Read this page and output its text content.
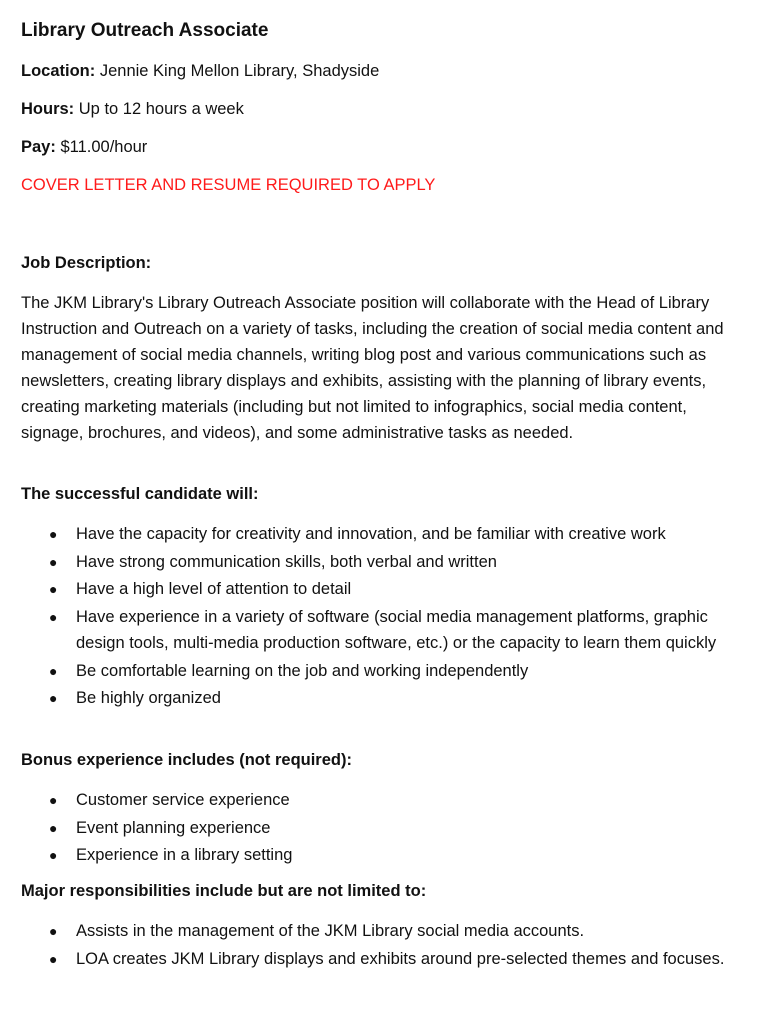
Library Outreach Associate
Location: Jennie King Mellon Library, Shadyside
Hours: Up to 12 hours a week
Pay: $11.00/hour
COVER LETTER AND RESUME REQUIRED TO APPLY
Job Description:
The JKM Library's Library Outreach Associate position will collaborate with the Head of Library Instruction and Outreach on a variety of tasks, including the creation of social media content and management of social media channels, writing blog post and various communications such as newsletters, creating library displays and exhibits, assisting with the planning of library events, creating marketing materials (including but not limited to infographics, social media content, signage, brochures, and videos), and some administrative tasks as needed.
The successful candidate will:
● Have the capacity for creativity and innovation, and be familiar with creative work
● Have strong communication skills, both verbal and written
● Have a high level of attention to detail
● Have experience in a variety of software (social media management platforms, graphic design tools, multi-media production software, etc.) or the capacity to learn them quickly
● Be comfortable learning on the job and working independently
● Be highly organized
Bonus experience includes (not required):
● Customer service experience
● Event planning experience
● Experience in a library setting
Major responsibilities include but are not limited to:
● Assists in the management of the JKM Library social media accounts.
● LOA creates JKM Library displays and exhibits around pre-selected themes and focuses.
